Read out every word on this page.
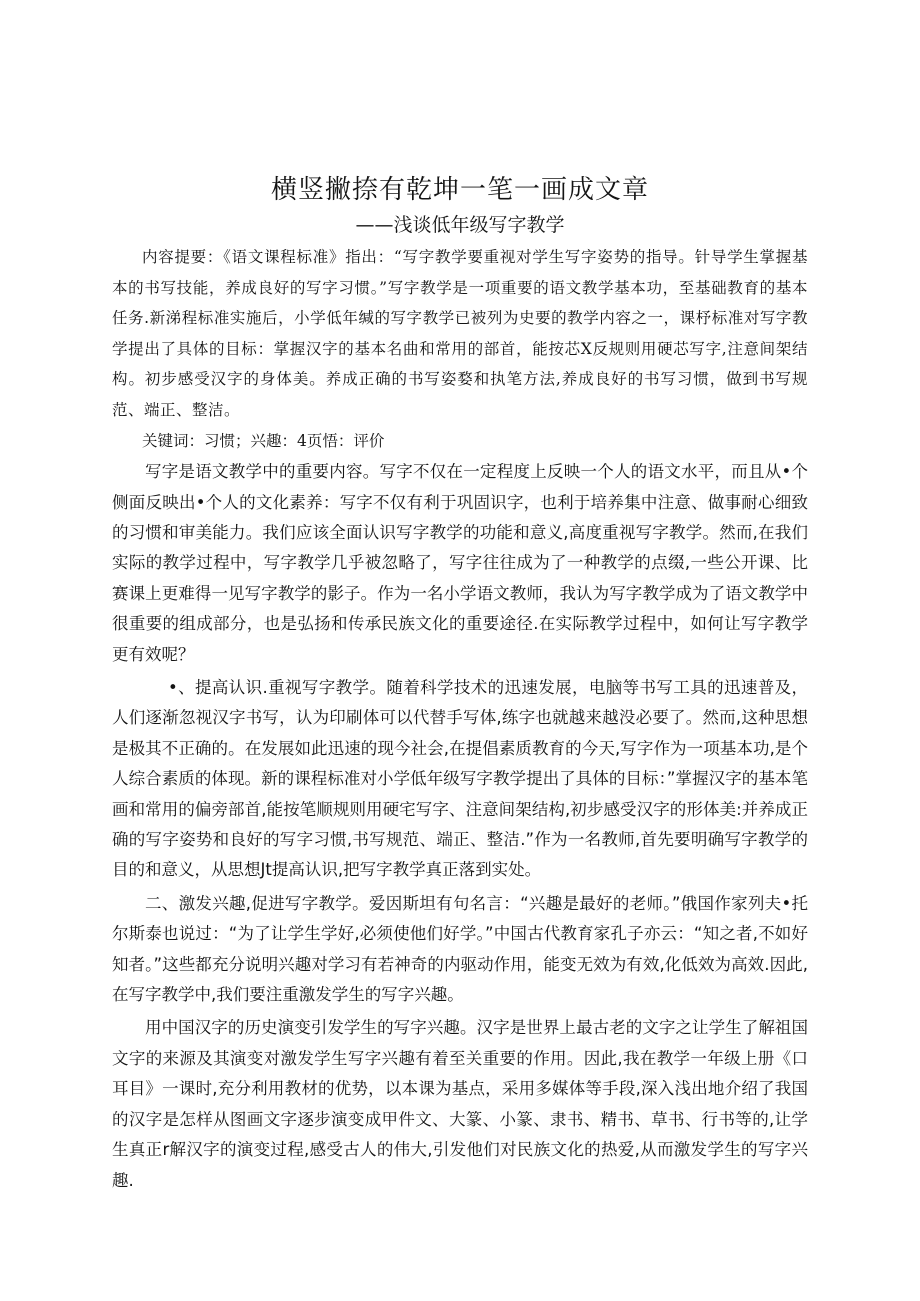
横竖撇捺有乾坤一笔一画成文章
——浅谈低年级写字教学

内容提要：《语文课程标准》指出：“写字教学要重视对学生写字姿势的指导。针导学生掌握基本的书写技能，养成良好的写字习惯。”写字教学是一项重要的语文教学基本功，至基础教育的基本任务.新涕程标准实施后，小学低年缄的写字教学已被列为史要的教学内容之一，课杼标准对写字教学提出了具体的目标：掌握汉字的基本名曲和常用的部首，能按芯X反规则用硬芯写字,注意间架结构。初步感受汉字的身体美。养成正确的书写姿婺和执笔方法,养成良好的书写习惯，做到书写规范、端正、整洁。

关键词：习惯；兴趣：4页悟：评价

写字是语文教学中的重要内容。写字不仅在一定程度上反映一个人的语文水平，而且从•个侧面反映出•个人的文化素养：写字不仅有利于巩固识字，也利于培养集中注意、做事耐心细致的习惯和审美能力。我们应该全面认识写字教学的功能和意义,高度重视写字教学。然而,在我们实际的教学过程中，写字教学几乎被忽略了，写字往往成为了一种教学的点缀,一些公开课、比赛课上更难得一见写字教学的影子。作为一名小学语文教师，我认为写字教学成为了语文教学中很重要的组成部分，也是弘扬和传承民族文化的重要途径.在实际教学过程中，如何让写字教学更有效呢？

•、提高认识.重视写字教学。随着科学技术的迅速发展，电脑等书写工具的迅速普及，人们逐渐忽视汉字书写，认为印刷体可以代替手写体,练字也就越来越没必要了。然而,这种思想是极其不正确的。在发展如此迅速的现今社会,在提倡素质教育的今天,写字作为一项基本功,是个人综合素质的体现。新的课程标准对小学低年级写字教学提出了具体的目标：”掌握汉字的基本笔画和常用的偏旁部首,能按笔顺规则用硬宅写字、注意间架结构,初步感受汉字的形体美:并养成正确的写字姿势和良好的写字习惯,书写规范、端正、整洁.”作为一名教师,首先要明确写字教学的目的和意义，从思想Jt提高认识,把写字教学真正落到实处。

二、激发兴趣,促进写字教学。爱因斯坦有句名言：“兴趣是最好的老师。”俄国作家列夫•托尔斯泰也说过：“为了让学生学好,必须使他们好学。”中国古代教育家孔子亦云：“知之者,不如好知者。”这些都充分说明兴趣对学习有若神奇的内驱动作用，能变无效为有效,化低效为高效.因此,在写字教学中,我们要注重激发学生的写字兴趣。

用中国汉字的历史演变引发学生的写字兴趣。汉字是世界上最古老的文字之让学生了解祖国文字的来源及其演变对激发学生写字兴趣有着至关重要的作用。因此,我在教学一年级上册《口耳目》一课时,充分利用教材的优势，以本课为基点，采用多媒体等手段,深入浅出地介绍了我国的汉字是怎样从图画文字逐步演变成甲件文、大篆、小篆、隶书、精书、草书、行书等的,让学生真正r解汉字的演变过程,感受古人的伟大,引发他们对民族文化的热爱,从而激发学生的写字兴趣.
